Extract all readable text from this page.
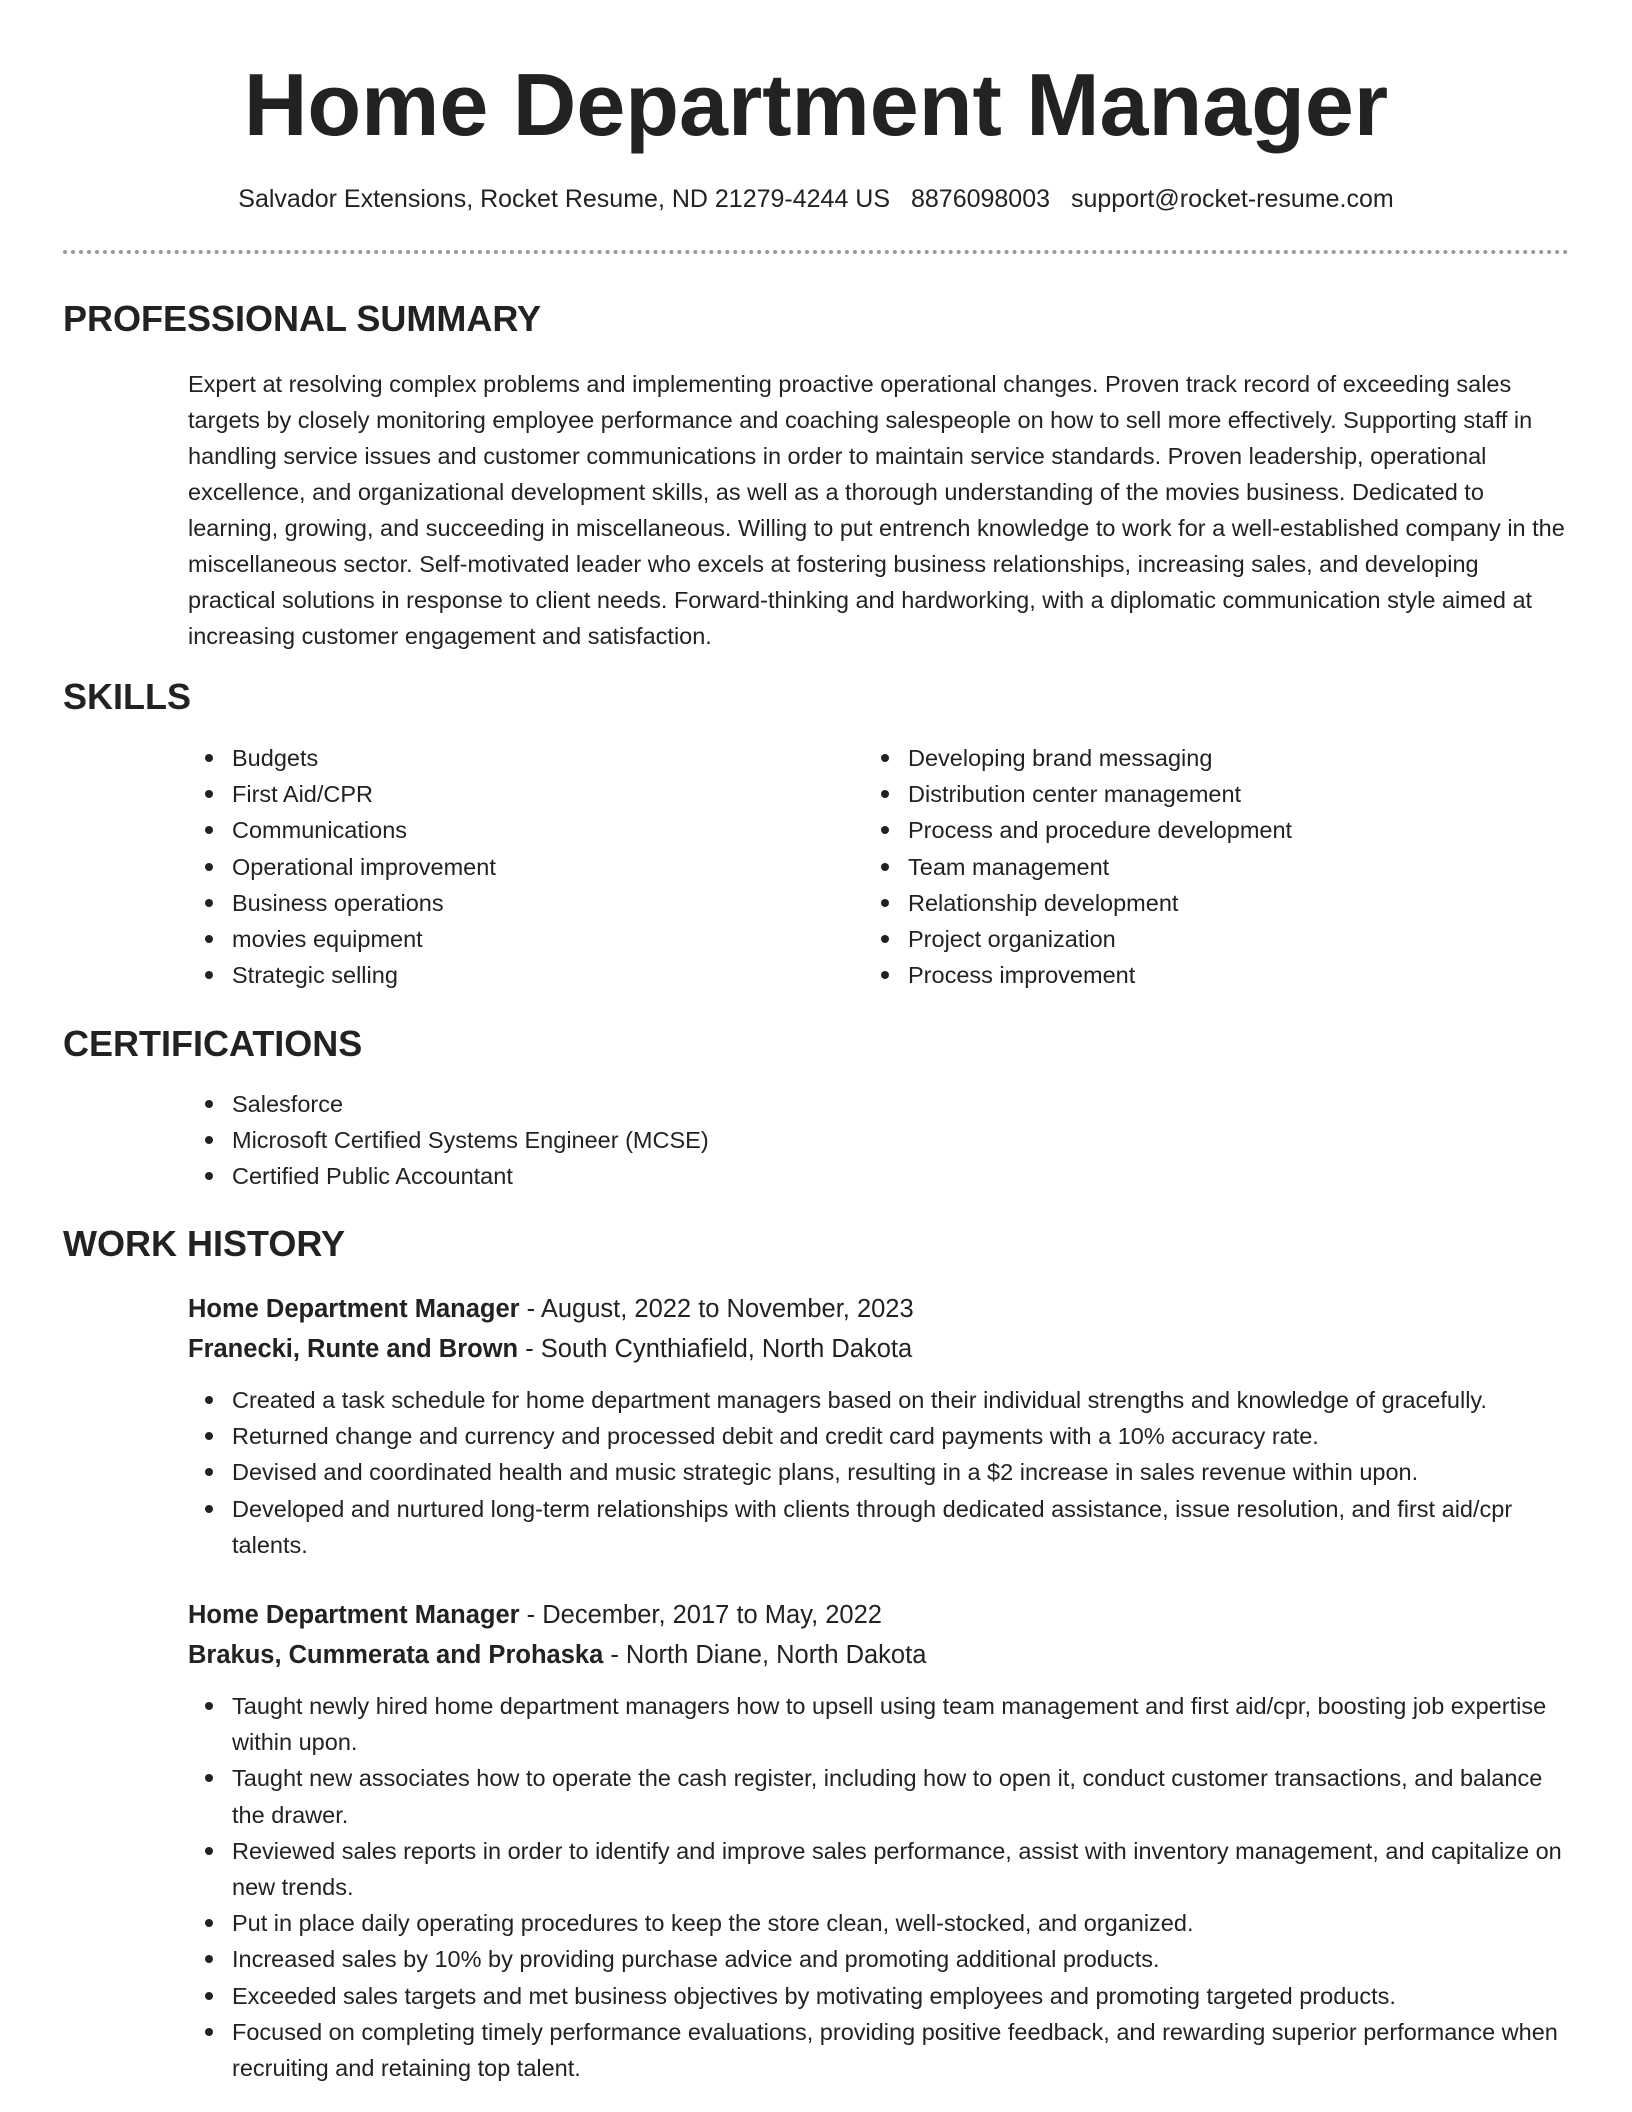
Home Department Manager
Salvador Extensions, Rocket Resume, ND 21279-4244 US 8876098003 support@rocket-resume.com
PROFESSIONAL SUMMARY

Expert at resolving complex problems and implementing proactive operational changes. Proven track record of exceeding sales targets by closely monitoring employee performance and coaching salespeople on how to sell more effectively. Supporting staff in handling service issues and customer communications in order to maintain service standards. Proven leadership, operational excellence, and organizational development skills, as well as a thorough understanding of the movies business. Dedicated to learning, growing, and succeeding in miscellaneous. Willing to put entrench knowledge to work for a well-established company in the miscellaneous sector. Self-motivated leader who excels at fostering business relationships, increasing sales, and developing practical solutions in response to client needs. Forward-thinking and hardworking, with a diplomatic communication style aimed at increasing customer engagement and satisfaction.

SKILLS
Budgets
First Aid/CPR
Communications
Operational improvement
Business operations
movies equipment
Strategic selling
Developing brand messaging
Distribution center management
Process and procedure development
Team management
Relationship development
Project organization
Process improvement
CERTIFICATIONS
Salesforce
Microsoft Certified Systems Engineer (MCSE)
Certified Public Accountant
WORK HISTORY
Home Department Manager - August, 2022 to November, 2023
Franecki, Runte and Brown - South Cynthiafield, North Dakota
Created a task schedule for home department managers based on their individual strengths and knowledge of gracefully.
Returned change and currency and processed debit and credit card payments with a 10% accuracy rate.
Devised and coordinated health and music strategic plans, resulting in a $2 increase in sales revenue within upon.
Developed and nurtured long-term relationships with clients through dedicated assistance, issue resolution, and first aid/cpr talents.
Home Department Manager - December, 2017 to May, 2022
Brakus, Cummerata and Prohaska - North Diane, North Dakota
Taught newly hired home department managers how to upsell using team management and first aid/cpr, boosting job expertise within upon.
Taught new associates how to operate the cash register, including how to open it, conduct customer transactions, and balance the drawer.
Reviewed sales reports in order to identify and improve sales performance, assist with inventory management, and capitalize on new trends.
Put in place daily operating procedures to keep the store clean, well-stocked, and organized.
Increased sales by 10% by providing purchase advice and promoting additional products.
Exceeded sales targets and met business objectives by motivating employees and promoting targeted products.
Focused on completing timely performance evaluations, providing positive feedback, and rewarding superior performance when recruiting and retaining top talent.
